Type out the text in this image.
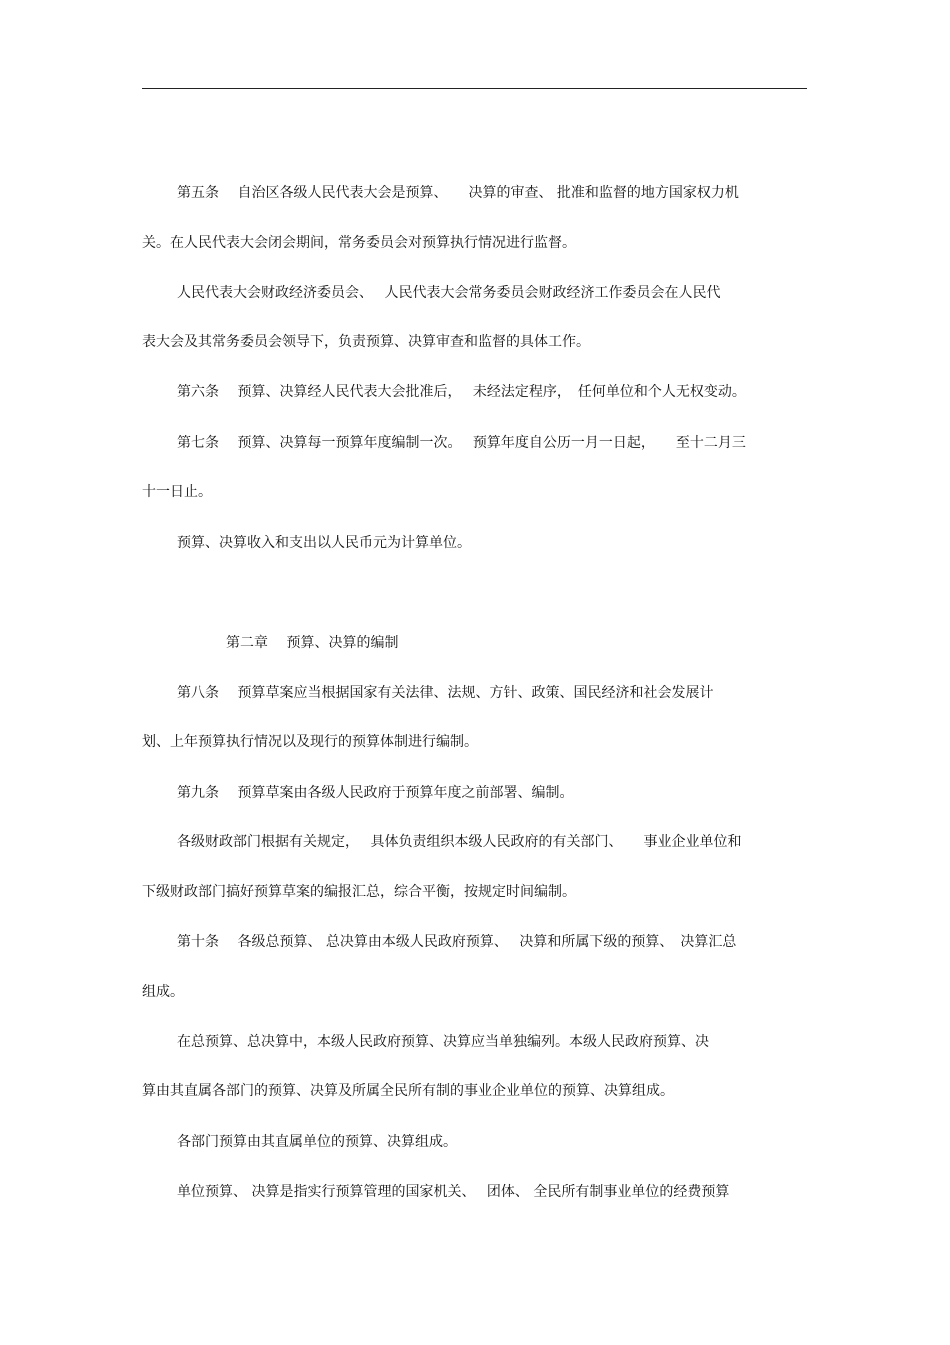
第五条　 自治区各级人民代表大会是预算、　　决算的审查、 批准和监督的地方国家权力机
关。在人民代表大会闭会期间，常务委员会对预算执行情况进行监督。
人民代表大会财政经济委员会、　 人民代表大会常务委员会财政经济工作委员会在人民代
表大会及其常务委员会领导下，负责预算、决算审查和监督的具体工作。
第六条　 预算、决算经人民代表大会批准后，　 未经法定程序，　任何单位和个人无权变动。
第七条　 预算、决算每一预算年度编制一次。　 预算年度自公历一月一日起，　　至十二月三
十一日止。
预算、决算收入和支出以人民币元为计算单位。
第二章　 预算、决算的编制
第八条　 预算草案应当根据国家有关法律、法规、方针、政策、国民经济和社会发展计
划、上年预算执行情况以及现行的预算体制进行编制。
第九条　 预算草案由各级人民政府于预算年度之前部署、编制。
各级财政部门根据有关规定，　 具体负责组织本级人民政府的有关部门、　　事业企业单位和
下级财政部门搞好预算草案的编报汇总，综合平衡，按规定时间编制。
第十条　 各级总预算、 总决算由本级人民政府预算、　 决算和所属下级的预算、　决算汇总
组成。
在总预算、总决算中，本级人民政府预算、决算应当单独编列。本级人民政府预算、决
算由其直属各部门的预算、决算及所属全民所有制的事业企业单位的预算、决算组成。
各部门预算由其直属单位的预算、决算组成。
单位预算、 决算是指实行预算管理的国家机关、　 团体、 全民所有制事业单位的经费预算
